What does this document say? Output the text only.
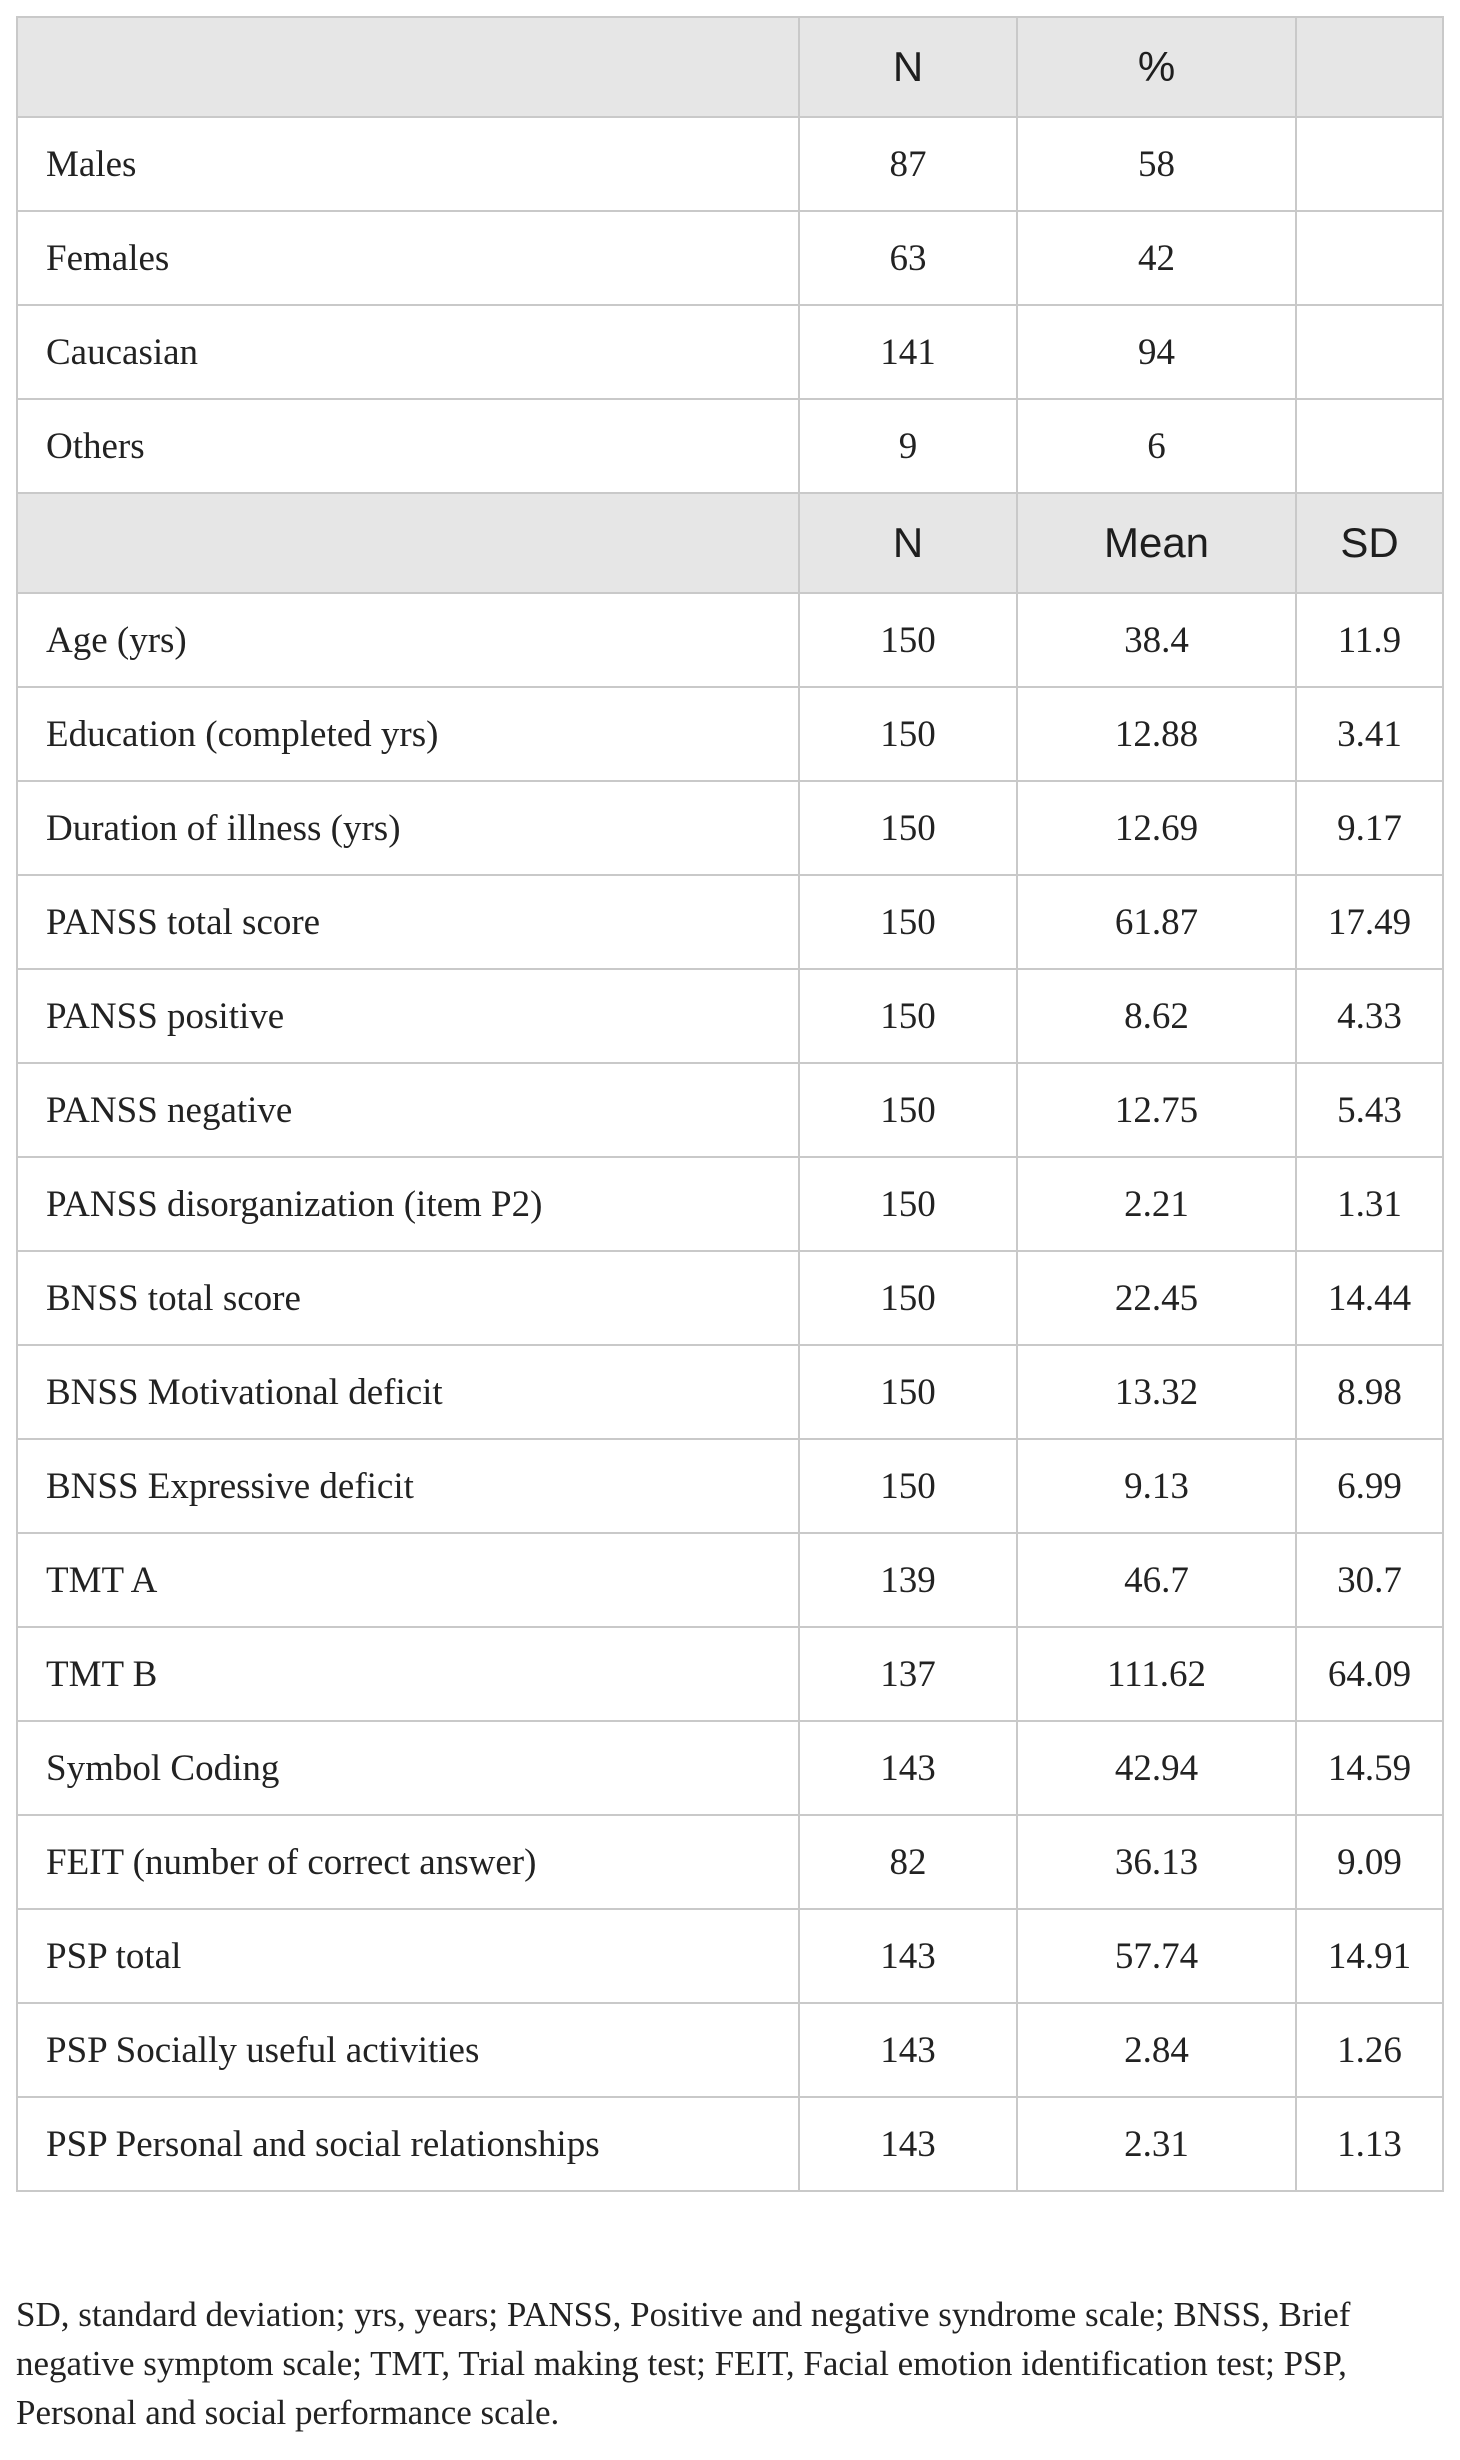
	N	%	
Males	87	58	
Females	63	42	
Caucasian	141	94	
Others	9	6	
	N	Mean	SD
Age (yrs)	150	38.4	11.9
Education (completed yrs)	150	12.88	3.41
Duration of illness (yrs)	150	12.69	9.17
PANSS total score	150	61.87	17.49
PANSS positive	150	8.62	4.33
PANSS negative	150	12.75	5.43
PANSS disorganization (item P2)	150	2.21	1.31
BNSS total score	150	22.45	14.44
BNSS Motivational deficit	150	13.32	8.98
BNSS Expressive deficit	150	9.13	6.99
TMT A	139	46.7	30.7
TMT B	137	111.62	64.09
Symbol Coding	143	42.94	14.59
FEIT (number of correct answer)	82	36.13	9.09
PSP total	143	57.74	14.91
PSP Socially useful activities	143	2.84	1.26
PSP Personal and social relationships	143	2.31	1.13

SD, standard deviation; yrs, years; PANSS, Positive and negative syndrome scale; BNSS, Brief negative symptom scale; TMT, Trial making test; FEIT, Facial emotion identification test; PSP, Personal and social performance scale.
